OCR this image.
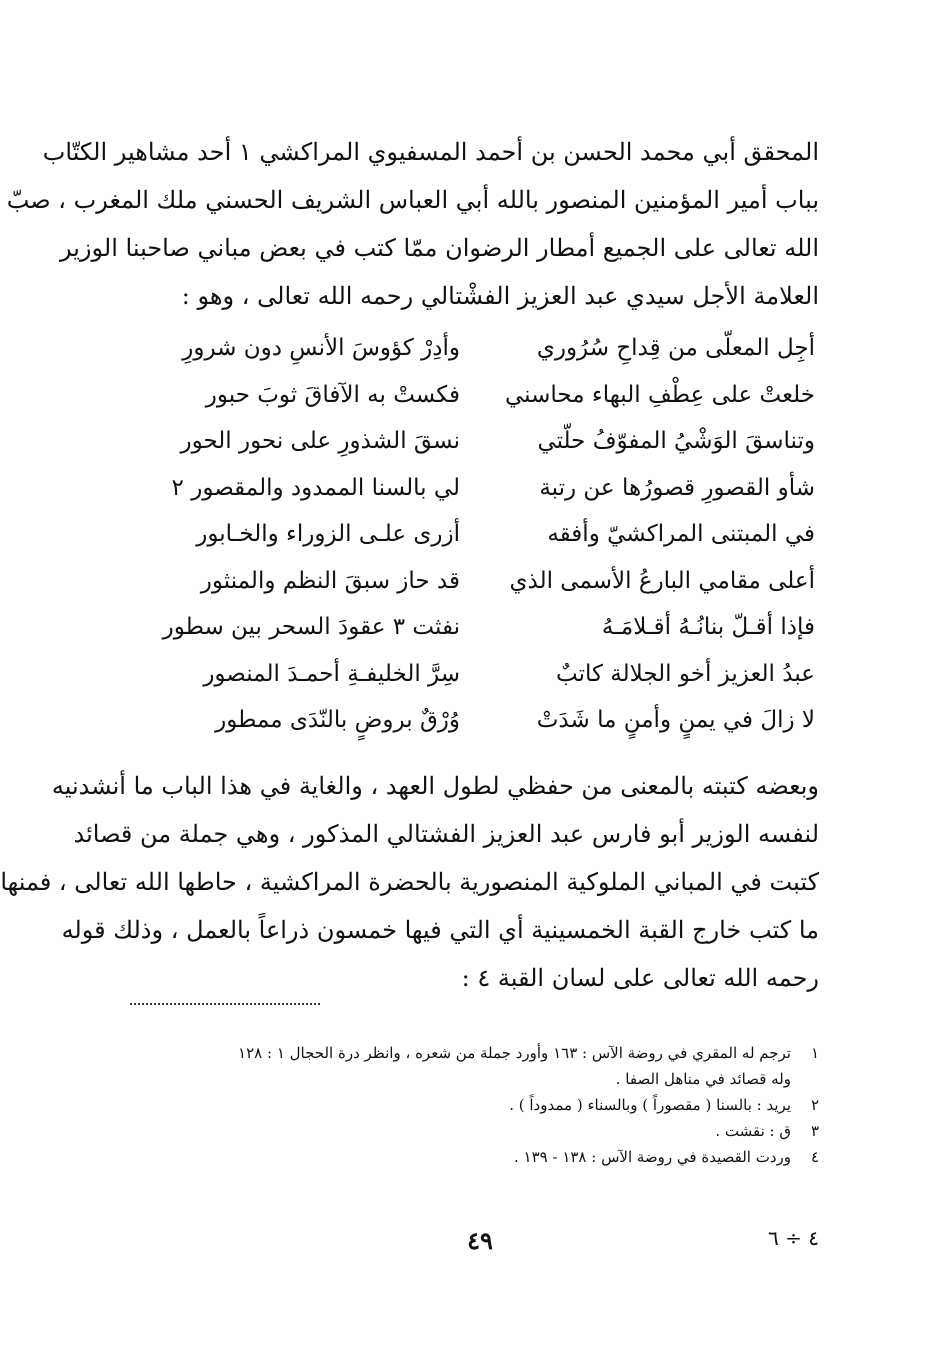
المحقق أبي محمد الحسن بن أحمد المسفيوي المراكشي ١ أحد مشاهير الكتّاب
بباب أمير المؤمنين المنصور بالله أبي العباس الشريف الحسني ملك المغرب ، صبّ
الله تعالى على الجميع أمطار الرضوان ممّا كتب في بعض مباني صاحبنا الوزير
العلامة الأجل سيدي عبد العزيز الفشْتالي رحمه الله تعالى ، وهو :
أجِل المعلّى من قِداحِ سُرُوري
وأدِرْ كؤوسَ الأنسِ دون شرورِ
خلعتْ على عِطْفِ البهاء محاسني
فكستْ به الآفاقَ ثوبَ حبور
وتناسقَ الوَشْيُ المفوّفُ حلّتي
نسقَ الشذورِ على نحور الحور
شأو القصورِ قصورُها عن رتبة
لي بالسنا الممدود والمقصور ٢
في المبتنى المراكشيّ وأفقه
أزرى علـى الزوراء والخـابور
أعلى مقامي البارعُ الأسمى الذي
قد حاز سبقَ النظم والمنثور
فإذا أقـلّ بنانُـهُ أقـلامَـهُ
نفثت ٣ عقودَ السحر بين سطور
عبدُ العزيز أخو الجلالة كاتبٌ
سِرَّ الخليفـةِ أحمـدَ المنصور
لا زالَ في يمنٍ وأمنٍ ما شَدَتْ
وُرْقٌ بروضٍ بالنّدَى ممطور
وبعضه كتبته بالمعنى من حفظي لطول العهد ، والغاية في هذا الباب ما أنشدنيه
لنفسه الوزير أبو فارس عبد العزيز الفشتالي المذكور ، وهي جملة من قصائد
كتبت في المباني الملوكية المنصورية بالحضرة المراكشية ، حاطها الله تعالى ، فمنها
ما كتب خارج القبة الخمسينية أي التي فيها خمسون ذراعاً بالعمل ، وذلك قوله
رحمه الله تعالى على لسان القبة ٤ :
١ترجم له المقري في روضة الآس : ١٦٣ وأورد جملة من شعره ، وانظر درة الحجال ١ : ١٢٨
وله قصائد في مناهل الصفا .
٢يريد : بالسنا ( مقصوراً ) وبالسناء ( ممدوداً ) .
٣ق : نقشت .
٤وردت القصيدة في روضة الآس : ١٣٨ - ١٣٩ .
٤٩	٤ ÷ ٦
